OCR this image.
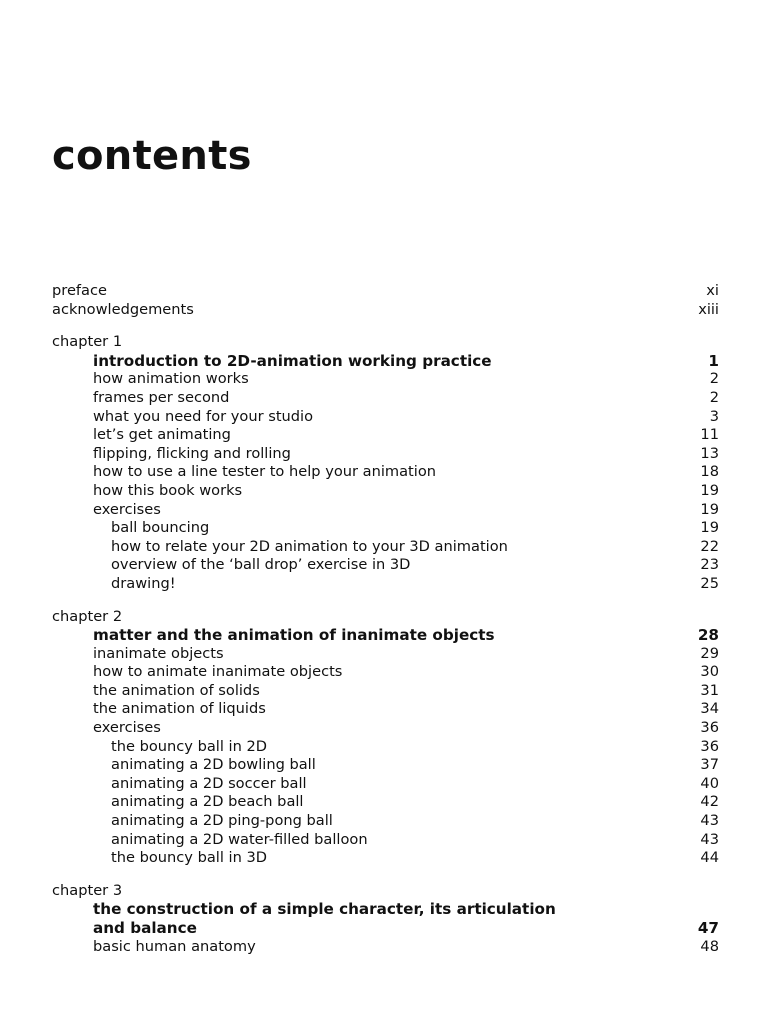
contents
preface	xi
acknowledgements	xiii
chapter 1
introduction to 2D-animation working practice	1
how animation works	2
frames per second	2
what you need for your studio	3
let’s get animating	11
flipping, flicking and rolling	13
how to use a line tester to help your animation	18
how this book works	19
exercises	19
ball bouncing	19
how to relate your 2D animation to your 3D animation	22
overview of the ‘ball drop’ exercise in 3D	23
drawing!	25
chapter 2
matter and the animation of inanimate objects	28
inanimate objects	29
how to animate inanimate objects	30
the animation of solids	31
the animation of liquids	34
exercises	36
the bouncy ball in 2D	36
animating a 2D bowling ball	37
animating a 2D soccer ball	40
animating a 2D beach ball	42
animating a 2D ping-pong ball	43
animating a 2D water-filled balloon	43
the bouncy ball in 3D	44
chapter 3
the construction of a simple character, its articulation and balance	47
basic human anatomy	48
